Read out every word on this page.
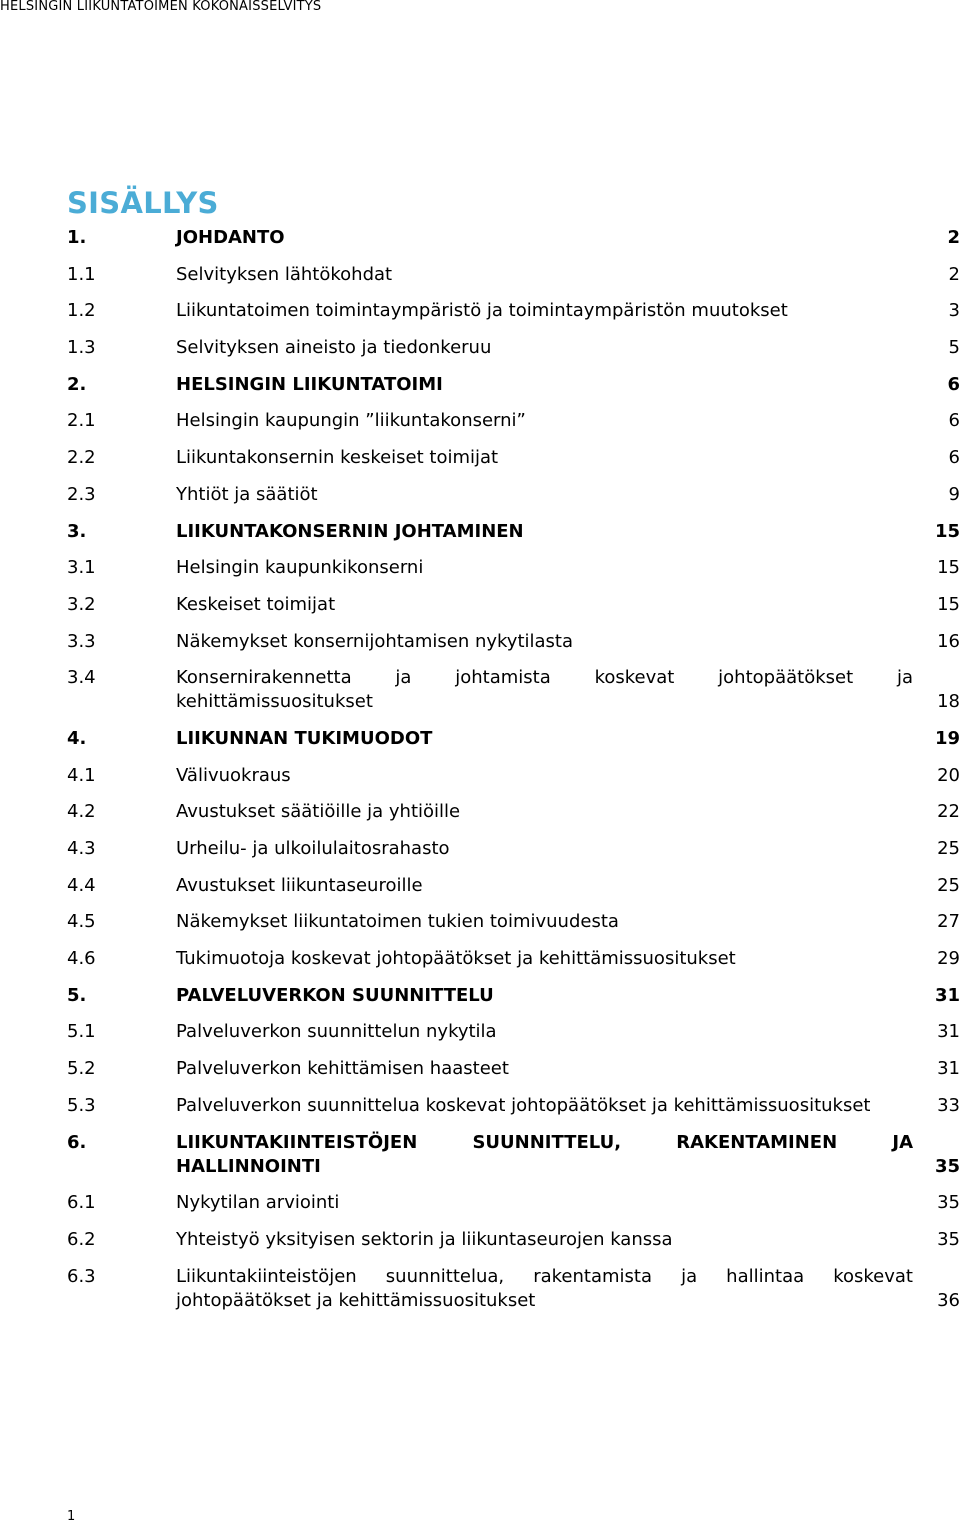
HELSINGIN LIIKUNTATOIMEN KOKONAISSELVITYS
SISÄLLYS
1.	JOHDANTO	2
1.1	Selvityksen lähtökohdat	2
1.2	Liikuntatoimen toimintaympäristö ja toimintaympäristön muutokset	3
1.3	Selvityksen aineisto ja tiedonkeruu	5
2.	HELSINGIN LIIKUNTATOIMI	6
2.1	Helsingin kaupungin ”liikuntakonserni”	6
2.2	Liikuntakonsernin keskeiset toimijat	6
2.3	Yhtiöt ja säätiöt	9
3.	LIIKUNTAKONSERNIN JOHTAMINEN	15
3.1	Helsingin kaupunkikonserni	15
3.2	Keskeiset toimijat	15
3.3	Näkemykset konsernijohtamisen nykytilasta	16
3.4	Konsernirakennetta ja johtamista koskevat johtopäätökset ja
kehittämissuositukset	18
4.	LIIKUNNAN TUKIMUODOT	19
4.1	Välivuokraus	20
4.2	Avustukset säätiöille ja yhtiöille	22
4.3	Urheilu- ja ulkoilulaitosrahasto	25
4.4	Avustukset liikuntaseuroille	25
4.5	Näkemykset liikuntatoimen tukien toimivuudesta	27
4.6	Tukimuotoja koskevat johtopäätökset ja kehittämissuositukset	29
5.	PALVELUVERKON SUUNNITTELU	31
5.1	Palveluverkon suunnittelun nykytila	31
5.2	Palveluverkon kehittämisen haasteet	31
5.3	Palveluverkon suunnittelua koskevat johtopäätökset ja kehittämissuositukset	33
6.	LIIKUNTAKIINTEISTÖJEN SUUNNITTELU, RAKENTAMINEN JA
HALLINNOINTI	35
6.1	Nykytilan arviointi	35
6.2	Yhteistyö yksityisen sektorin ja liikuntaseurojen kanssa	35
6.3	Liikuntakiinteistöjen suunnittelua, rakentamista ja hallintaa koskevat
johtopäätökset ja kehittämissuositukset	36
1
